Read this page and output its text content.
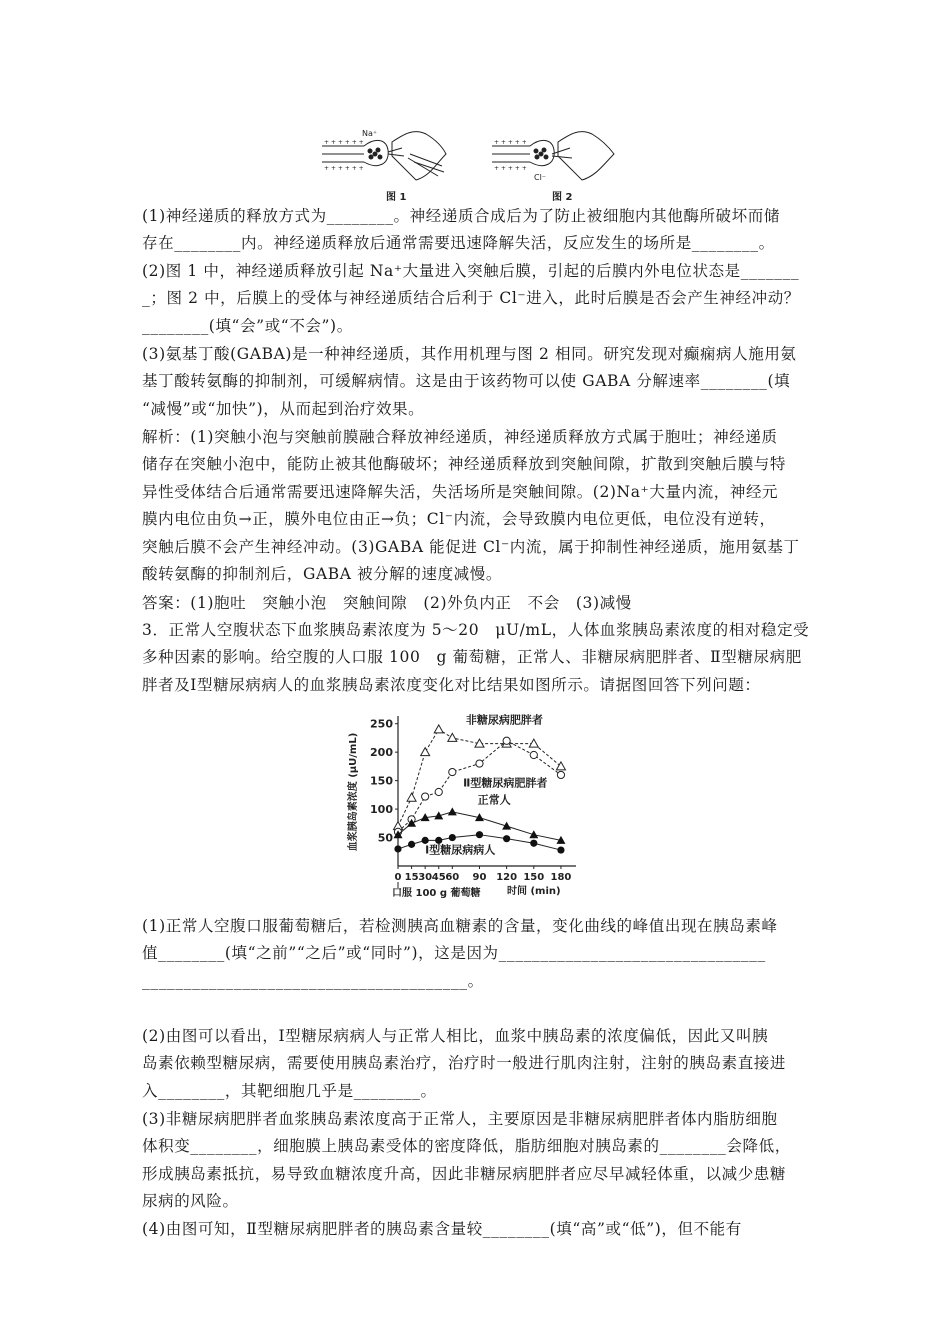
+ + + + + +
+ + + + + +
Na⁺
图 1
+ + + + +
+ + + + +
Cl⁻
图 2
(1)神经递质的释放方式为________。神经递质合成后为了防止被细胞内其他酶所破坏而储
存在________内。神经递质释放后通常需要迅速降解失活，反应发生的场所是________。
(2)图 1 中，神经递质释放引起 Na⁺大量进入突触后膜，引起的后膜内外电位状态是_______
_；图 2 中，后膜上的受体与神经递质结合后利于 Cl⁻进入，此时后膜是否会产生神经冲动？
________(填“会”或“不会”)。
(3)氨基丁酸(GABA)是一种神经递质，其作用机理与图 2 相同。研究发现对癫痫病人施用氨
基丁酸转氨酶的抑制剂，可缓解病情。这是由于该药物可以使 GABA 分解速率________(填
“减慢”或“加快”)，从而起到治疗效果。
解析：(1)突触小泡与突触前膜融合释放神经递质，神经递质释放方式属于胞吐；神经递质
储存在突触小泡中，能防止被其他酶破坏；神经递质释放到突触间隙，扩散到突触后膜与特
异性受体结合后通常需要迅速降解失活，失活场所是突触间隙。(2)Na⁺大量内流，神经元
膜内电位由负→正，膜外电位由正→负；Cl⁻内流，会导致膜内电位更低，电位没有逆转，
突触后膜不会产生神经冲动。(3)GABA 能促进 Cl⁻内流，属于抑制性神经递质，施用氨基丁
酸转氨酶的抑制剂后，GABA 被分解的速度减慢。
答案：(1)胞吐　突触小泡　突触间隙　(2)外负内正　不会　(3)减慢
3．正常人空腹状态下血浆胰岛素浓度为 5～20　μU/mL，人体血浆胰岛素浓度的相对稳定受
多种因素的影响。给空腹的人口服 100　g 葡萄糖，正常人、非糖尿病肥胖者、Ⅱ型糖尿病肥
胖者及Ⅰ型糖尿病病人的血浆胰岛素浓度变化对比结果如图所示。请据图回答下列问题：
50
100
150
200
250
0 15 30 45 60 90 120 150 180
血浆胰岛素浓度 (μU/mL)
时间 (min)
口服 100 g 葡萄糖
非糖尿病肥胖者
Ⅱ型糖尿病肥胖者
正常人
Ⅰ型糖尿病病人
(1)正常人空腹口服葡萄糖后，若检测胰高血糖素的含量，变化曲线的峰值出现在胰岛素峰
值________(填“之前”“之后”或“同时”)，这是因为________________________________
_______________________________________。
(2)由图可以看出，Ⅰ型糖尿病病人与正常人相比，血浆中胰岛素的浓度偏低，因此又叫胰
岛素依赖型糖尿病，需要使用胰岛素治疗，治疗时一般进行肌肉注射，注射的胰岛素直接进
入________，其靶细胞几乎是________。
(3)非糖尿病肥胖者血浆胰岛素浓度高于正常人，主要原因是非糖尿病肥胖者体内脂肪细胞
体积变________，细胞膜上胰岛素受体的密度降低，脂肪细胞对胰岛素的________会降低，
形成胰岛素抵抗，易导致血糖浓度升高，因此非糖尿病肥胖者应尽早减轻体重，以减少患糖
尿病的风险。
(4)由图可知，Ⅱ型糖尿病肥胖者的胰岛素含量较________(填“高”或“低”)，但不能有
